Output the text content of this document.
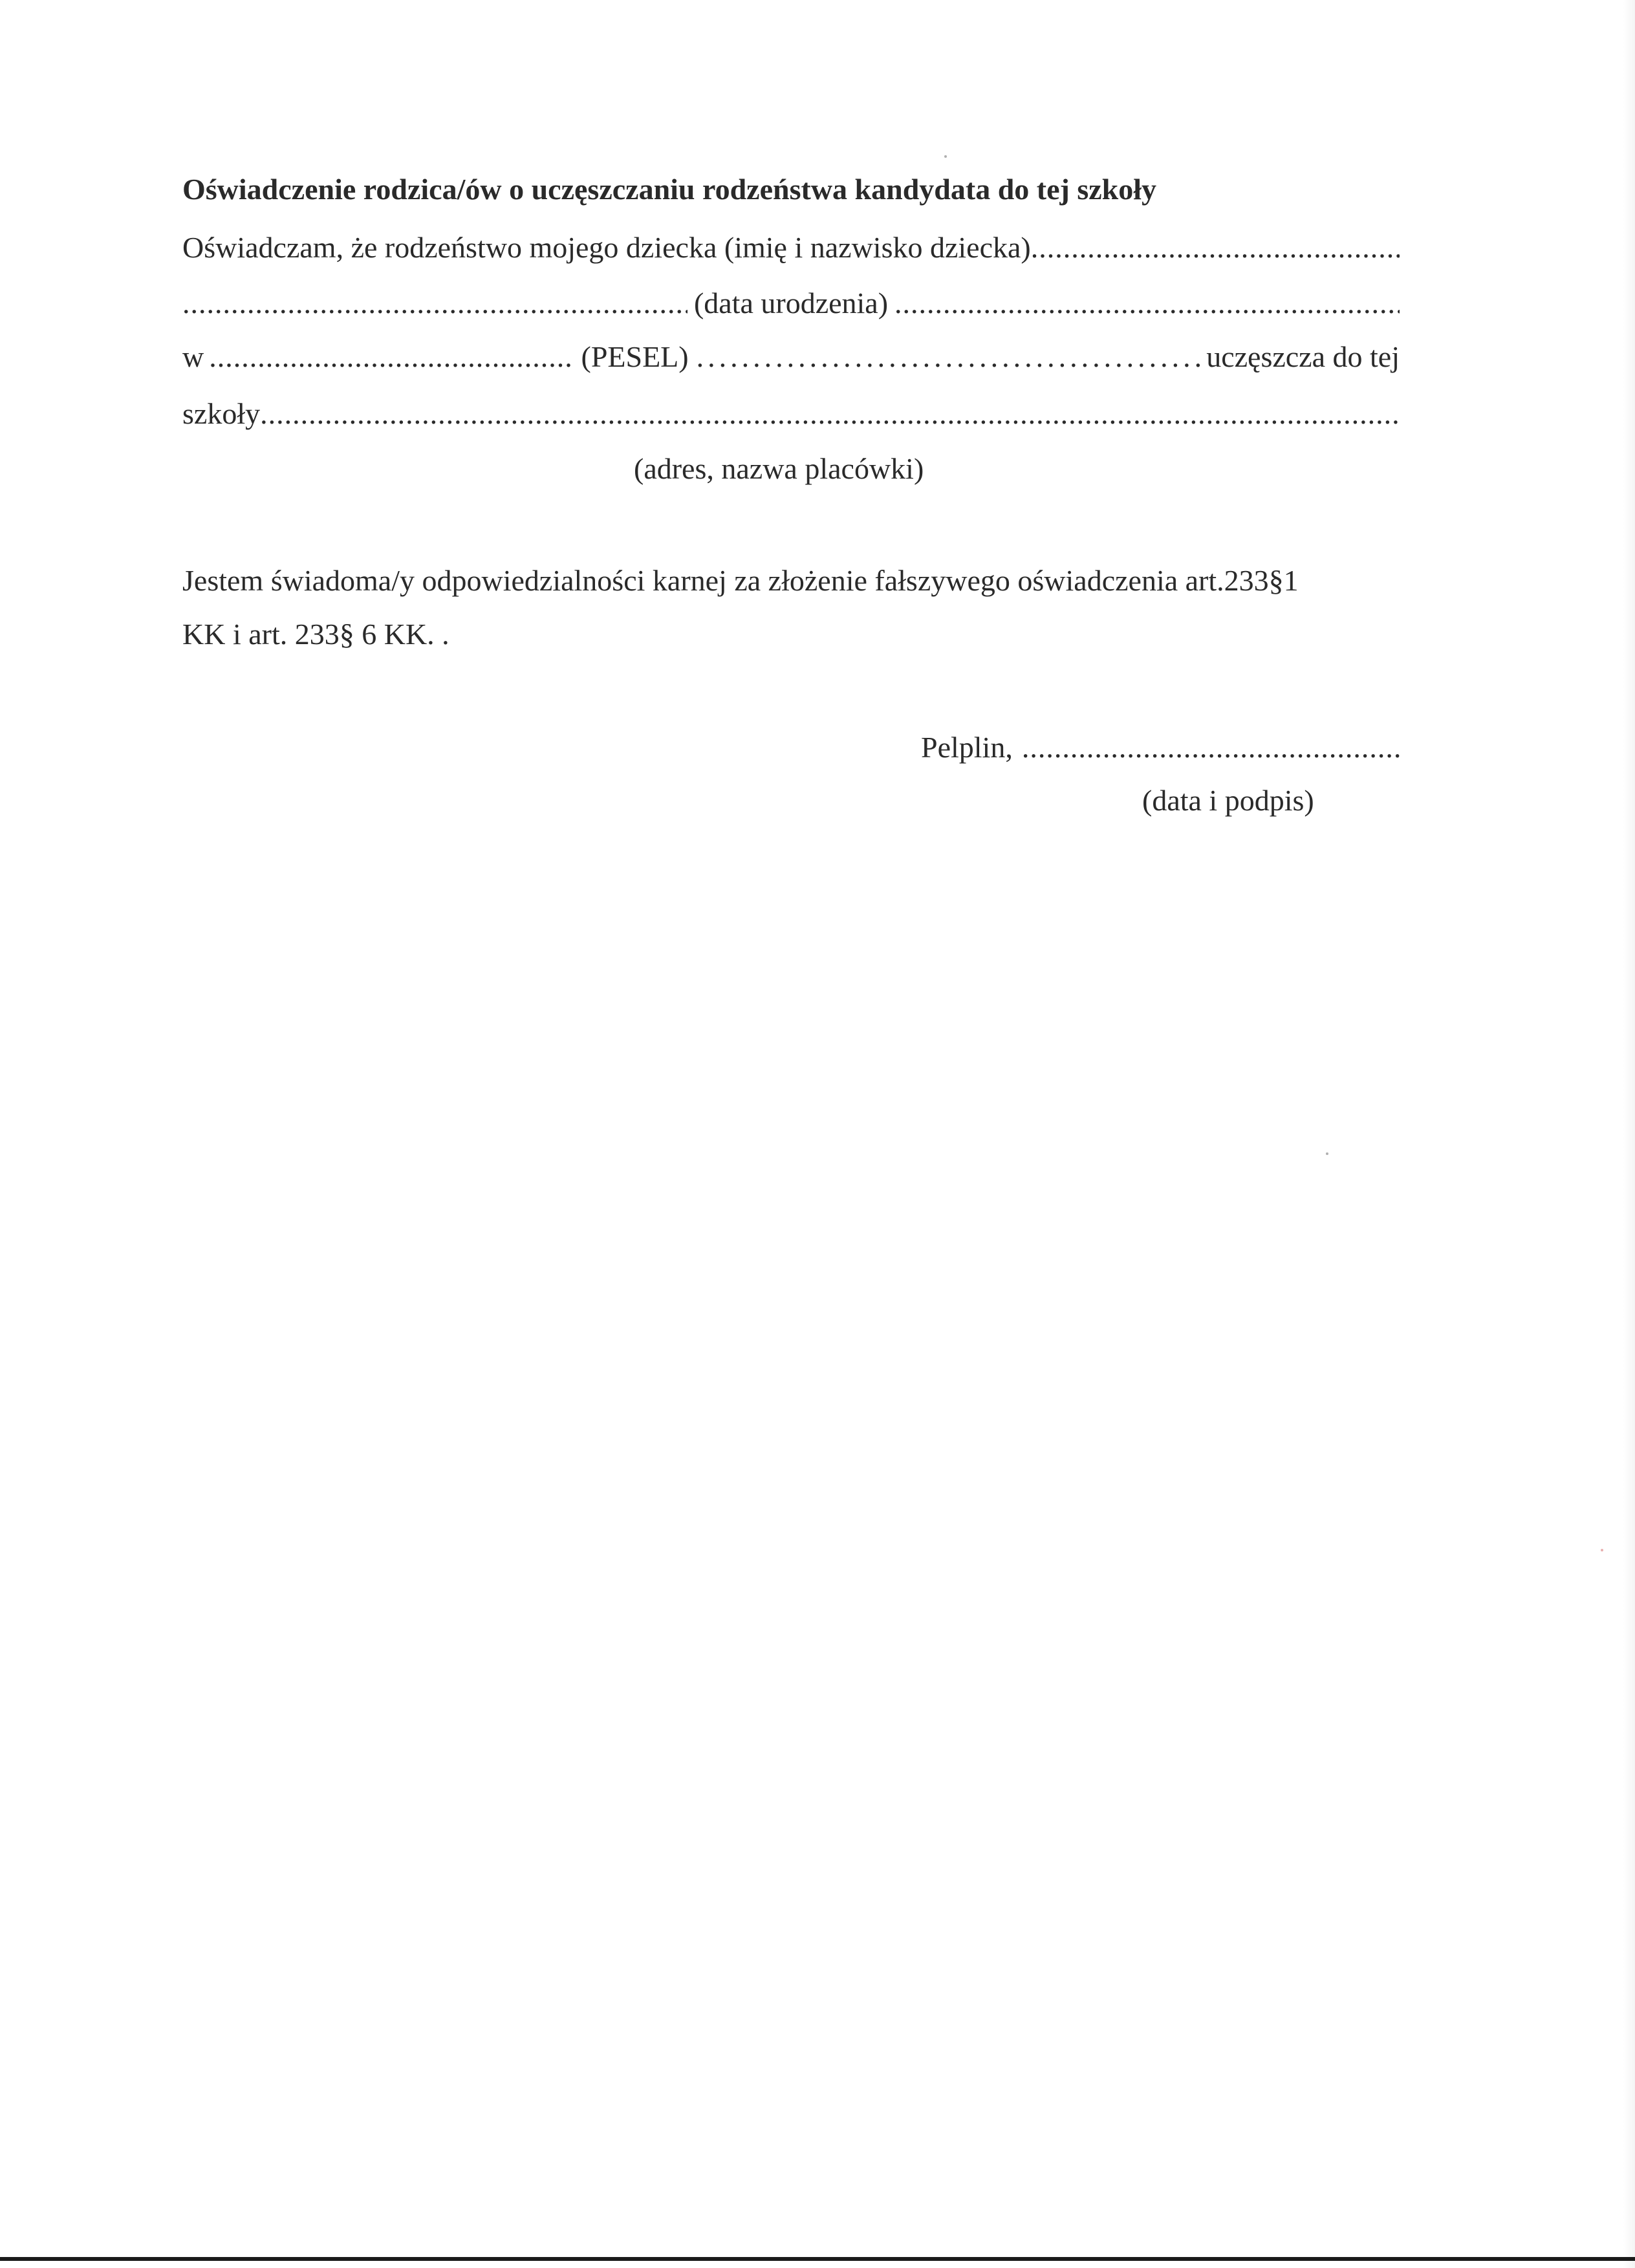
Oświadczenie rodzica/ów o uczęszczaniu rodzeństwa kandydata do tej szkoły
Oświadczam, że rodzeństwo mojego dziecka (imię i nazwisko dziecka)
.....
.....
(data urodzenia)
.....
w .....	(PESEL) .....	uczęszcza do tej
szkoły
.....
(adres, nazwa placówki)
Jestem świadoma/y odpowiedzialności karnej za złożenie fałszywego oświadczenia art.233§1
KK i art. 233§ 6 KK. .
Pelplin,
.....
(data i podpis)
